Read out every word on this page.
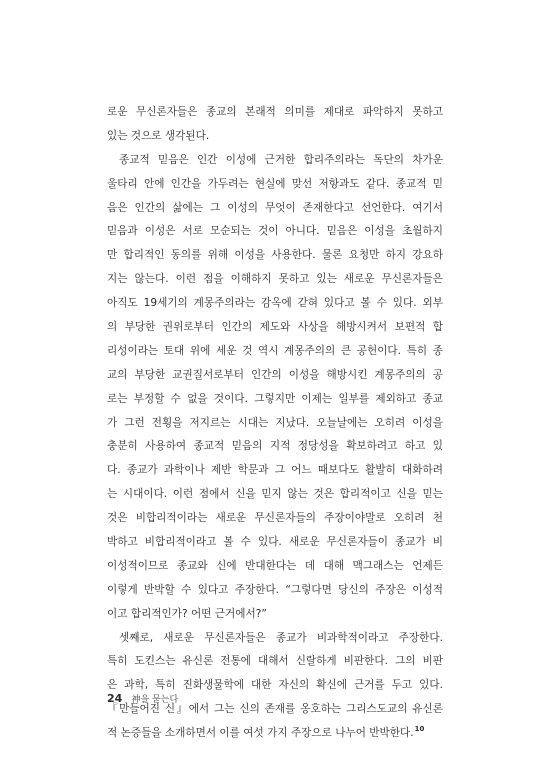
로운 무신론자들은 종교의 본래적 의미를 제대로 파악하지 못하고
있는 것으로 생각된다.
종교적 믿음은 인간 이성에 근거한 합리주의라는 독단의 차가운
울타리 안에 인간을 가두려는 현실에 맞선 저항과도 같다. 종교적 믿
음은 인간의 삶에는 그 이성의 무엇이 존재한다고 선언한다. 여기서
믿음과 이성은 서로 모순되는 것이 아니다. 믿음은 이성을 초월하지
만 합리적인 동의를 위해 이성을 사용한다. 물론 요청만 하지 강요하
지는 않는다. 이런 점을 이해하지 못하고 있는 새로운 무신론자들은
아직도 19세기의 계몽주의라는 감옥에 갇혀 있다고 볼 수 있다. 외부
의 부당한 권위로부터 인간의 제도와 사상을 해방시켜서 보편적 합
리성이라는 토대 위에 세운 것 역시 계몽주의의 큰 공헌이다. 특히 종
교의 부당한 교권질서로부터 인간의 이성을 해방시킨 계몽주의의 공
로는 부정할 수 없을 것이다. 그렇지만 이제는 일부를 제외하고 종교
가 그런 전횡을 저지르는 시대는 지났다. 오늘날에는 오히려 이성을
충분히 사용하여 종교적 믿음의 지적 정당성을 확보하려고 하고 있
다. 종교가 과학이나 제반 학문과 그 어느 때보다도 활발히 대화하려
는 시대이다. 이런 점에서 신을 믿지 않는 것은 합리적이고 신을 믿는
것은 비합리적이라는 새로운 무신론자들의 주장이야말로 오히려 천
박하고 비합리적이라고 볼 수 있다. 새로운 무신론자들이 종교가 비
이성적이므로 종교와 신에 반대한다는 데 대해 맥그래스는 언제든
이렇게 반박할 수 있다고 주장한다. “그렇다면 당신의 주장은 이성적
이고 합리적인가? 어떤 근거에서?”
셋째로, 새로운 무신론자들은 종교가 비과학적이라고 주장한다.
특히 도킨스는 유신론 전통에 대해서 신랄하게 비판한다. 그의 비판
은 과학, 특히 진화생물학에 대한 자신의 확신에 근거를 두고 있다.
『만들어진 신』에서 그는 신의 존재를 옹호하는 그리스도교의 유신론
적 논증들을 소개하면서 이를 여섯 가지 주장으로 나누어 반박한다.$^{10}$
24 神을 묻는다
